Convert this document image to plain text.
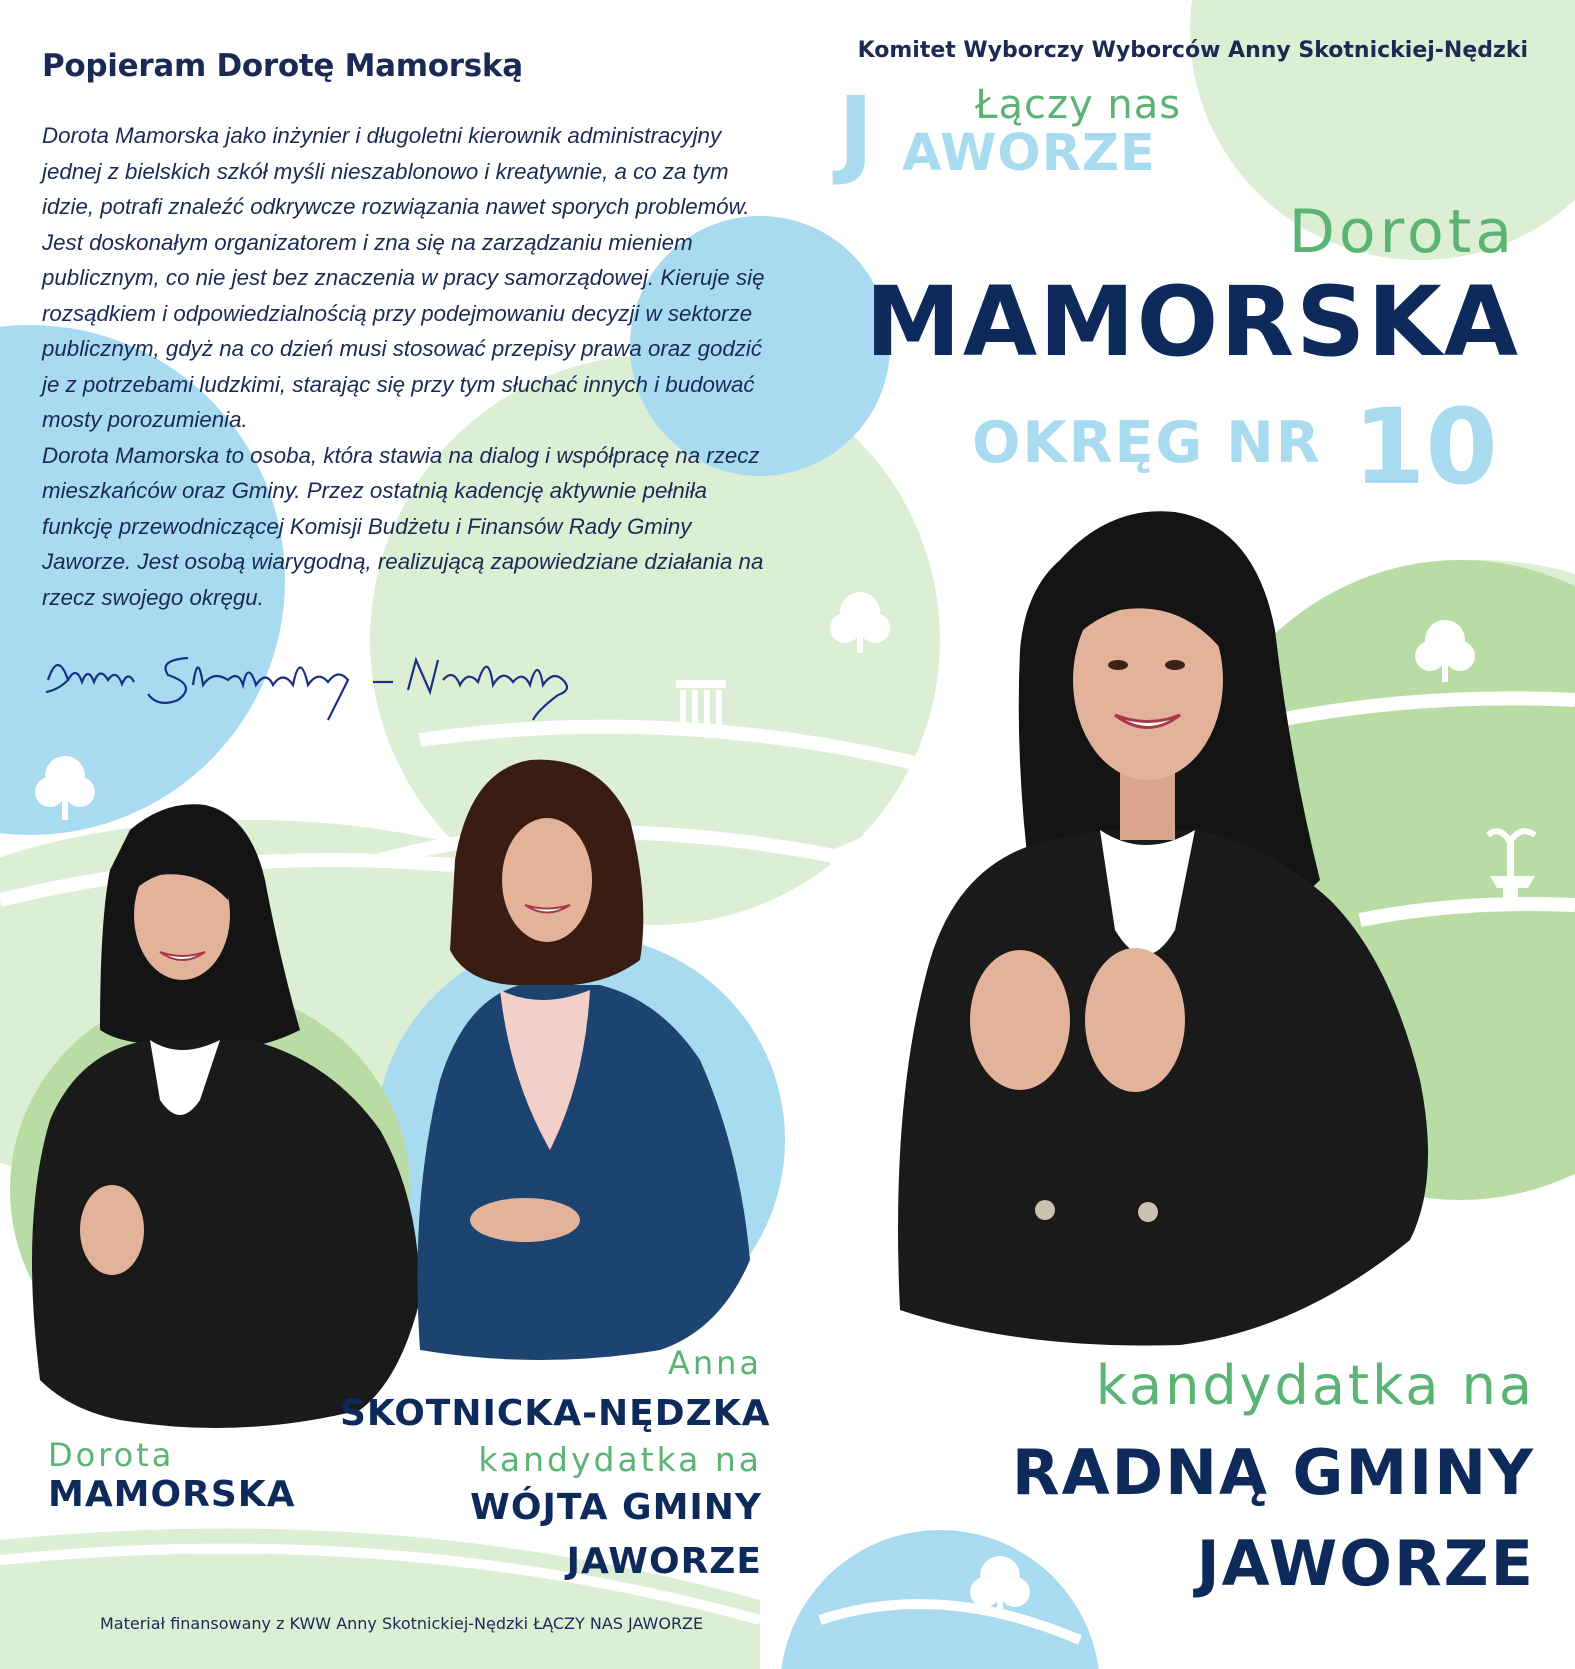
Popieram Dorotę Mamorską

Dorota Mamorska jako inżynier i długoletni kierownik administracyjny jednej z bielskich szkół myśli nieszablonowo i kreatywnie, a co za tym idzie, potrafi znaleźć odkrywcze rozwiązania nawet sporych problemów. Jest doskonałym organizatorem i zna się na zarządzaniu mieniem publicznym, co nie jest bez znaczenia w pracy samorządowej. Kieruje się rozsądkiem i odpowiedzialnością przy podejmowaniu decyzji w sektorze publicznym, gdyż na co dzień musi stosować przepisy prawa oraz godzić je z potrzebami ludzkimi, starając się przy tym słuchać innych i budować mosty porozumienia.

Dorota Mamorska to osoba, która stawia na dialog i współpracę na rzecz mieszkańców oraz Gminy. Przez ostatnią kadencję aktywnie pełniła funkcję przewodniczącej Komisji Budżetu i Finansów Rady Gminy Jaworze. Jest osobą wiarygodną, realizującą zapowiedziane działania na rzecz swojego okręgu.

Komitet Wyborczy Wyborców Anny Skotnickiej-Nędzki
Łączy nas
J AWORZE
Dorota
MAMORSKA
OKRĘG NR 10
kandydatka na
RADNĄ GMINY
JAWORZE
Dorota
MAMORSKA
Anna
SKOTNICKA-NĘDZKA
kandydatka na
WÓJTA GMINY
JAWORZE
Materiał finansowany z KWW Anny Skotnickiej-Nędzki ŁĄCZY NAS JAWORZE
